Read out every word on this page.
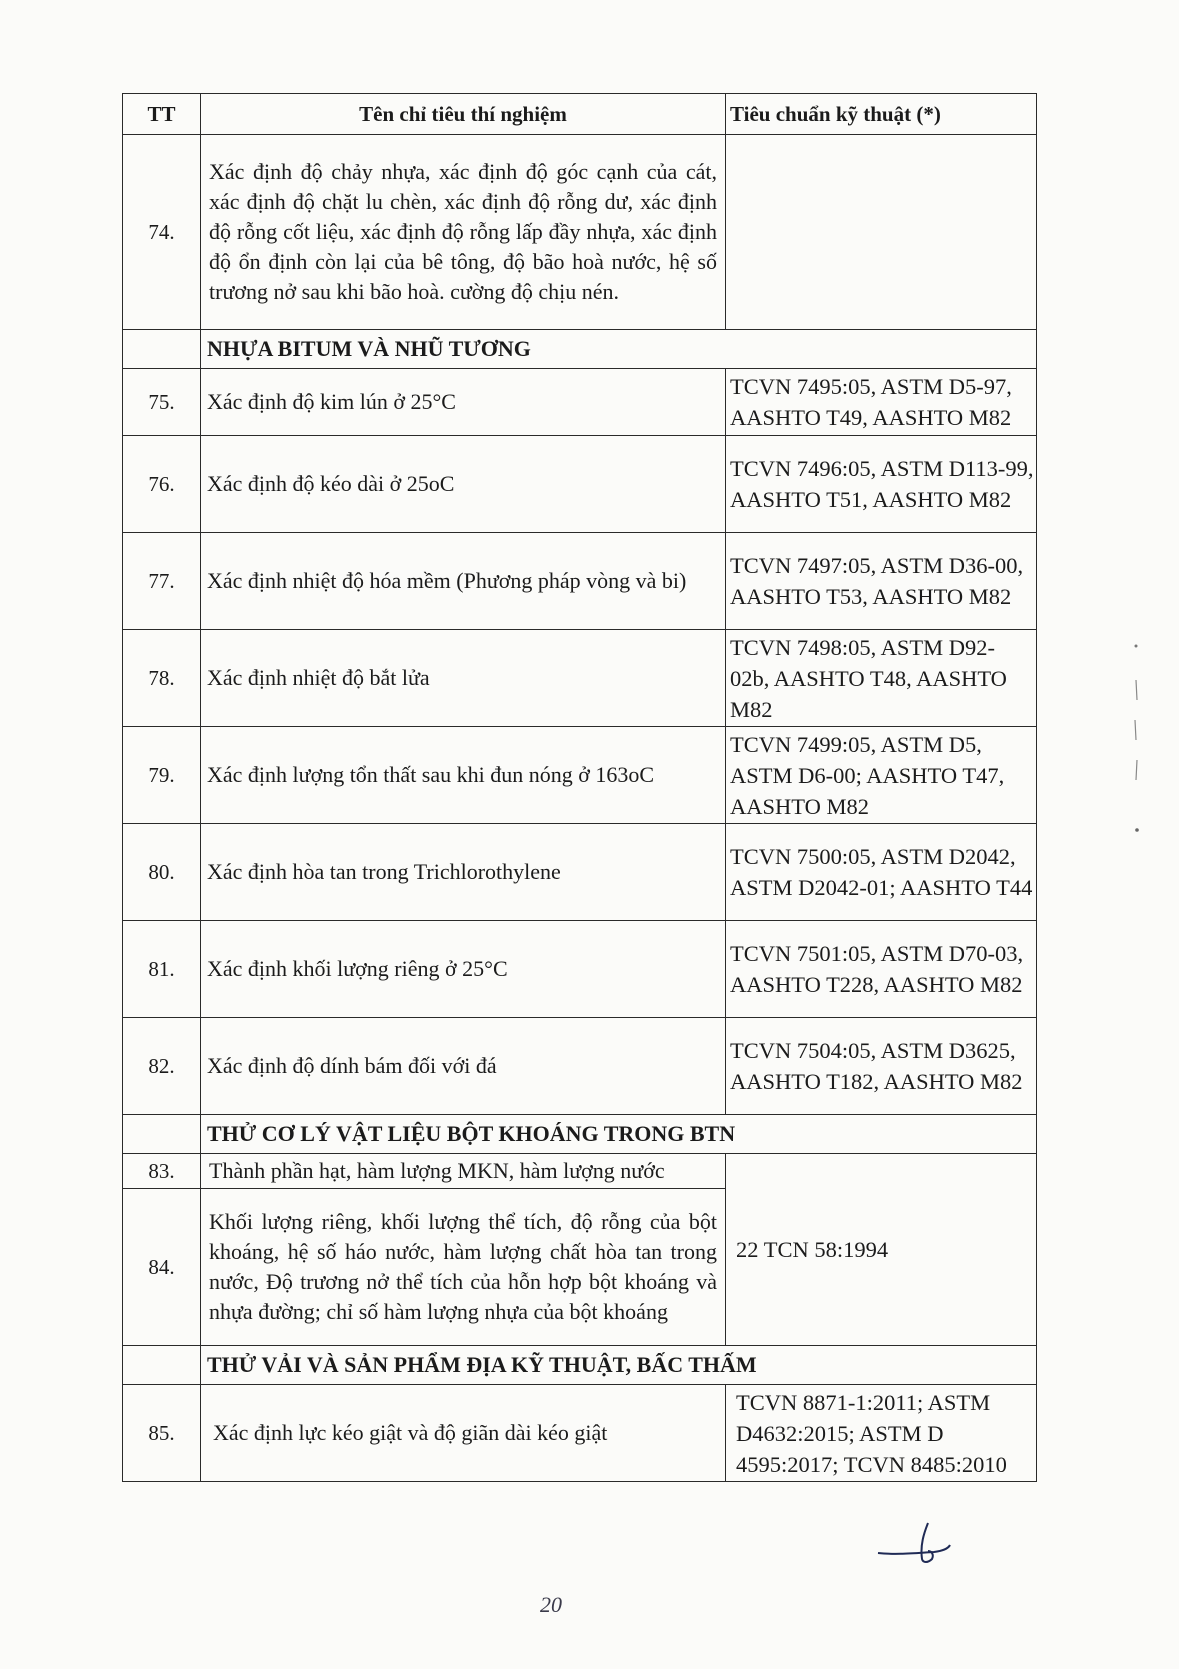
TT	Tên chỉ tiêu thí nghiệm	Tiêu chuẩn kỹ thuật (*)
74.	Xác định độ chảy nhựa, xác định độ góc cạnh của cát, xác định độ chặt lu chèn, xác định độ rỗng dư, xác định độ rỗng cốt liệu, xác định độ rỗng lấp đầy nhựa, xác định độ ổn định còn lại của bê tông, độ bão hoà nước, hệ số trương nở sau khi bão hoà. cường độ chịu nén.	
	NHỰA BITUM VÀ NHŨ TƯƠNG	
75.	Xác định độ kim lún ở 25°C	TCVN 7495:05, ASTM D5-97, AASHTO T49, AASHTO M82
76.	Xác định độ kéo dài ở 25oC	TCVN 7496:05, ASTM D113-99, AASHTO T51, AASHTO M82
77.	Xác định nhiệt độ hóa mềm (Phương pháp vòng và bi)	TCVN 7497:05, ASTM D36-00, AASHTO T53, AASHTO M82
78.	Xác định nhiệt độ bắt lửa	TCVN 7498:05, ASTM D92-02b, AASHTO T48, AASHTO M82
79.	Xác định lượng tổn thất sau khi đun nóng ở 163oC	TCVN 7499:05, ASTM D5, ASTM D6-00; AASHTO T47, AASHTO M82
80.	Xác định hòa tan trong Trichlorothylene	TCVN 7500:05, ASTM D2042, ASTM D2042-01; AASHTO T44
81.	Xác định khối lượng riêng ở 25°C	TCVN 7501:05, ASTM D70-03, AASHTO T228, AASHTO M82
82.	Xác định độ dính bám đối với đá	TCVN 7504:05, ASTM D3625, AASHTO T182, AASHTO M82
	THỬ CƠ LÝ VẬT LIỆU BỘT KHOÁNG TRONG BTN	
83.	Thành phần hạt, hàm lượng MKN, hàm lượng nước	22 TCN 58:1994
84.	Khối lượng riêng, khối lượng thể tích, độ rỗng của bột khoáng, hệ số háo nước, hàm lượng chất hòa tan trong nước, Độ trương nở thể tích của hỗn hợp bột khoáng và nhựa đường; chỉ số hàm lượng nhựa của bột khoáng	
	THỬ VẢI VÀ SẢN PHẨM ĐỊA KỸ THUẬT, BẤC THẤM	
85.	Xác định lực kéo giật và độ giãn dài kéo giật	TCVN 8871-1:2011; ASTM D4632:2015; ASTM D 4595:2017; TCVN 8485:2010
20
